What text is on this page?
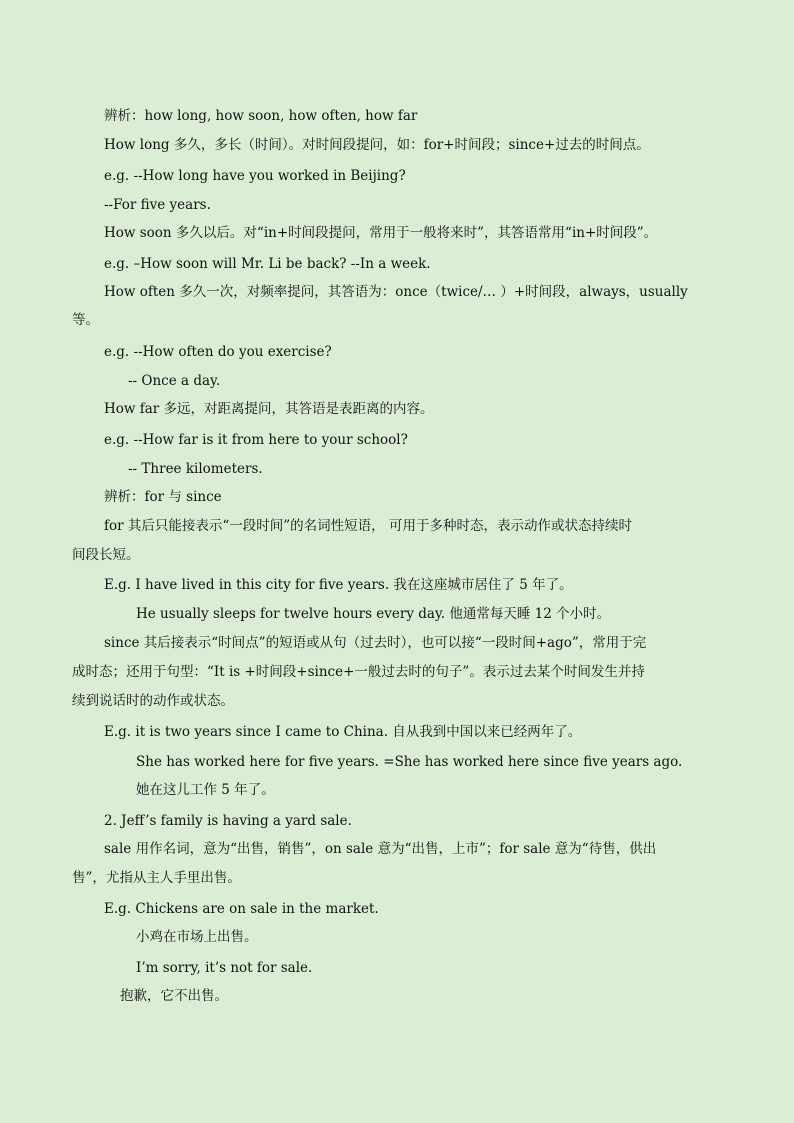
辨析：how long, how soon, how often, how far
How long 多久，多长（时间）。对时间段提问，如：for+时间段；since+过去的时间点。
e.g. --How long have you worked in Beijing?
--For five years.
How soon 多久以后。对“in+时间段提问，常用于一般将来时”，其答语常用“in+时间段”。
e.g. –How soon will Mr. Li be back? --In a week.
How often 多久一次，对频率提问，其答语为：once（twice/… ）+时间段，always，usually
等。
e.g. --How often do you exercise?
-- Once a day.
How far 多远，对距离提问，其答语是表距离的内容。
e.g. --How far is it from here to your school?
-- Three kilometers.
辨析：for 与 since
for 其后只能接表示“一段时间”的名词性短语， 可用于多种时态，表示动作或状态持续时
间段长短。
E.g. I have lived in this city for five years. 我在这座城市居住了 5 年了。
He usually sleeps for twelve hours every day. 他通常每天睡 12 个小时。
since 其后接表示“时间点”的短语或从句（过去时），也可以接“一段时间+ago”，常用于完
成时态；还用于句型：“It is +时间段+since+一般过去时的句子”。表示过去某个时间发生并持
续到说话时的动作或状态。
E.g. it is two years since I came to China. 自从我到中国以来已经两年了。
She has worked here for five years. =She has worked here since five years ago.
她在这儿工作 5 年了。
2. Jeff’s family is having a yard sale.
sale 用作名词，意为“出售，销售”，on sale 意为“出售，上市”；for sale 意为“待售，供出
售”，尤指从主人手里出售。
E.g. Chickens are on sale in the market.
小鸡在市场上出售。
I’m sorry, it’s not for sale.
抱歉，它不出售。
